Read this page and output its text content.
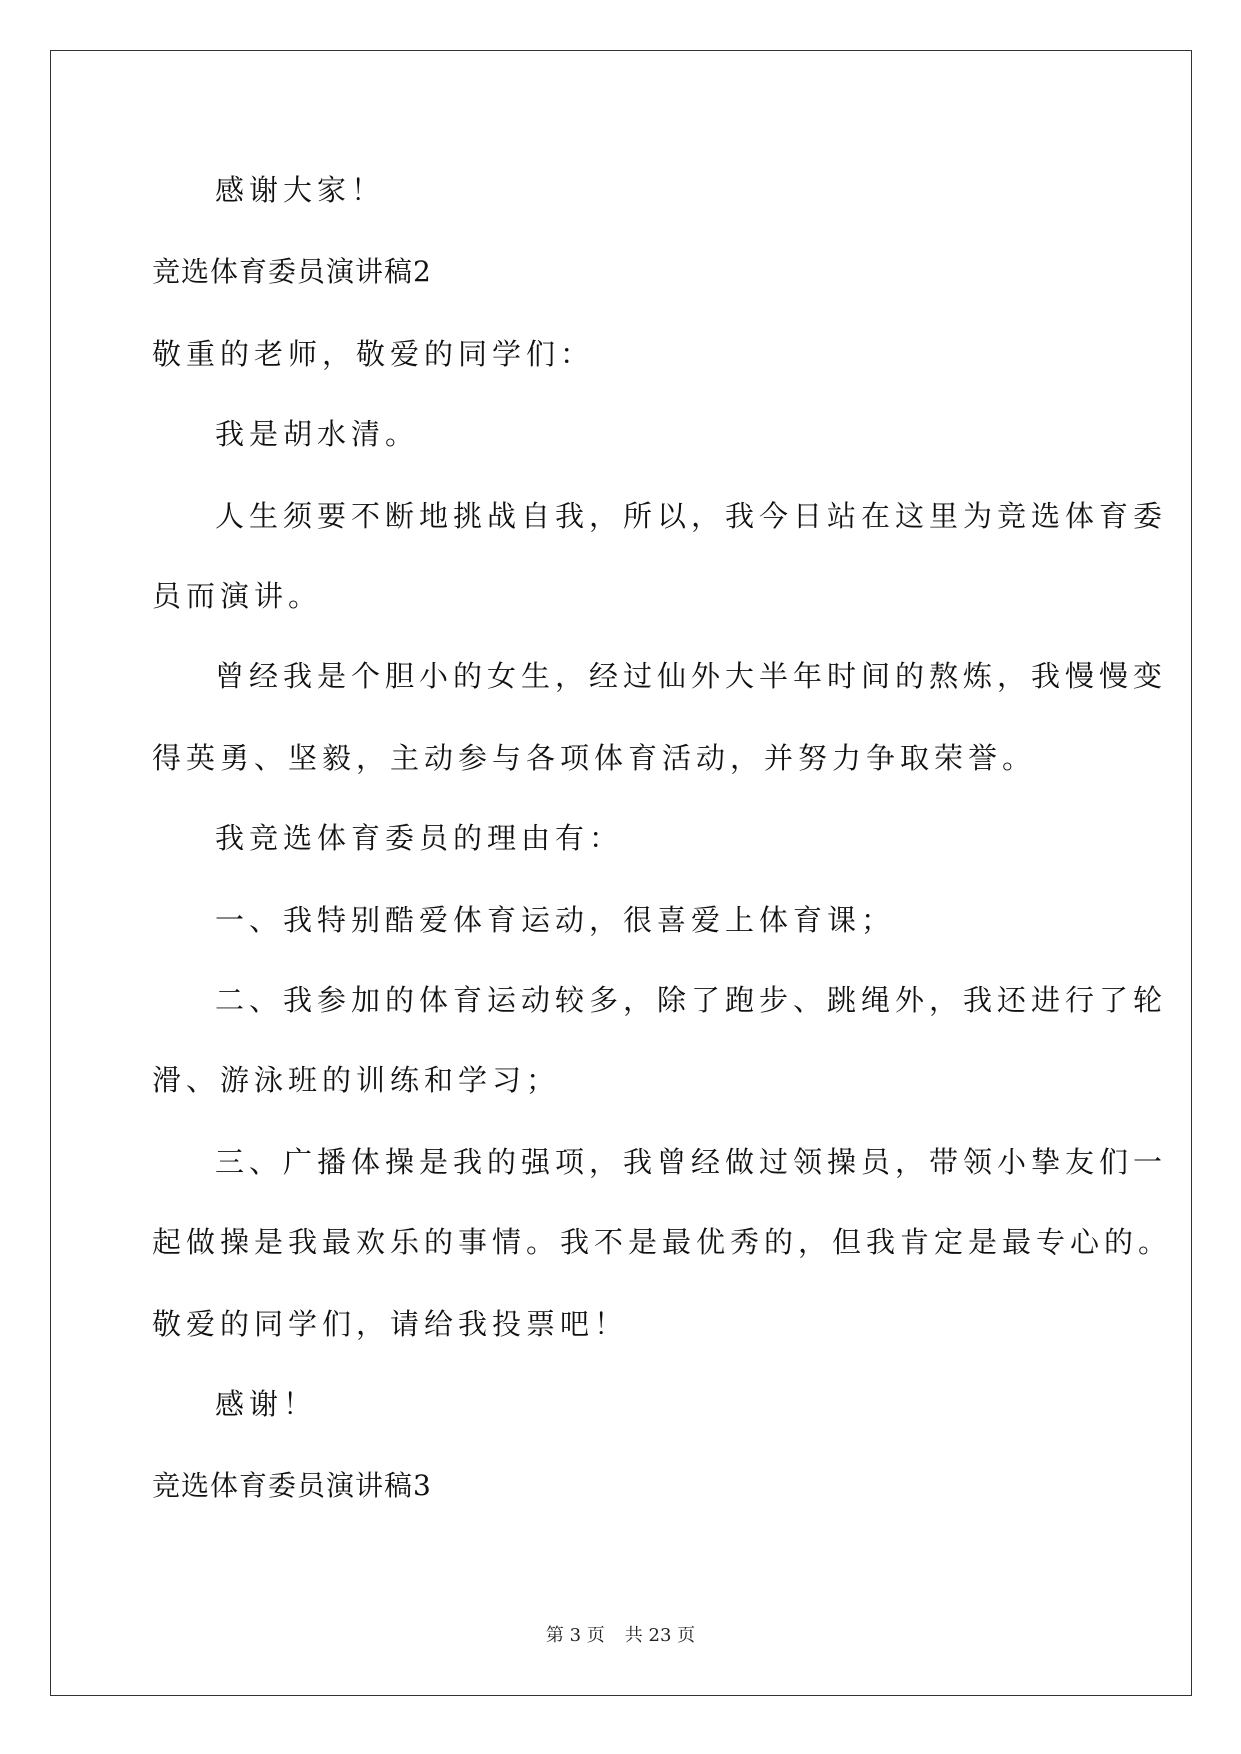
感谢大家！
竞选体育委员演讲稿2
敬重的老师，敬爱的同学们：
我是胡水清。
人生须要不断地挑战自我，所以，我今日站在这里为竞选体育委
员而演讲。
曾经我是个胆小的女生，经过仙外大半年时间的熬炼，我慢慢变
得英勇、坚毅，主动参与各项体育活动，并努力争取荣誉。
我竞选体育委员的理由有：
一、我特别酷爱体育运动，很喜爱上体育课；
二、我参加的体育运动较多，除了跑步、跳绳外，我还进行了轮
滑、游泳班的训练和学习；
三、广播体操是我的强项，我曾经做过领操员，带领小挚友们一
起做操是我最欢乐的事情。我不是最优秀的，但我肯定是最专心的。
敬爱的同学们，请给我投票吧！
感谢！
竞选体育委员演讲稿3
第 3 页 共 23 页
